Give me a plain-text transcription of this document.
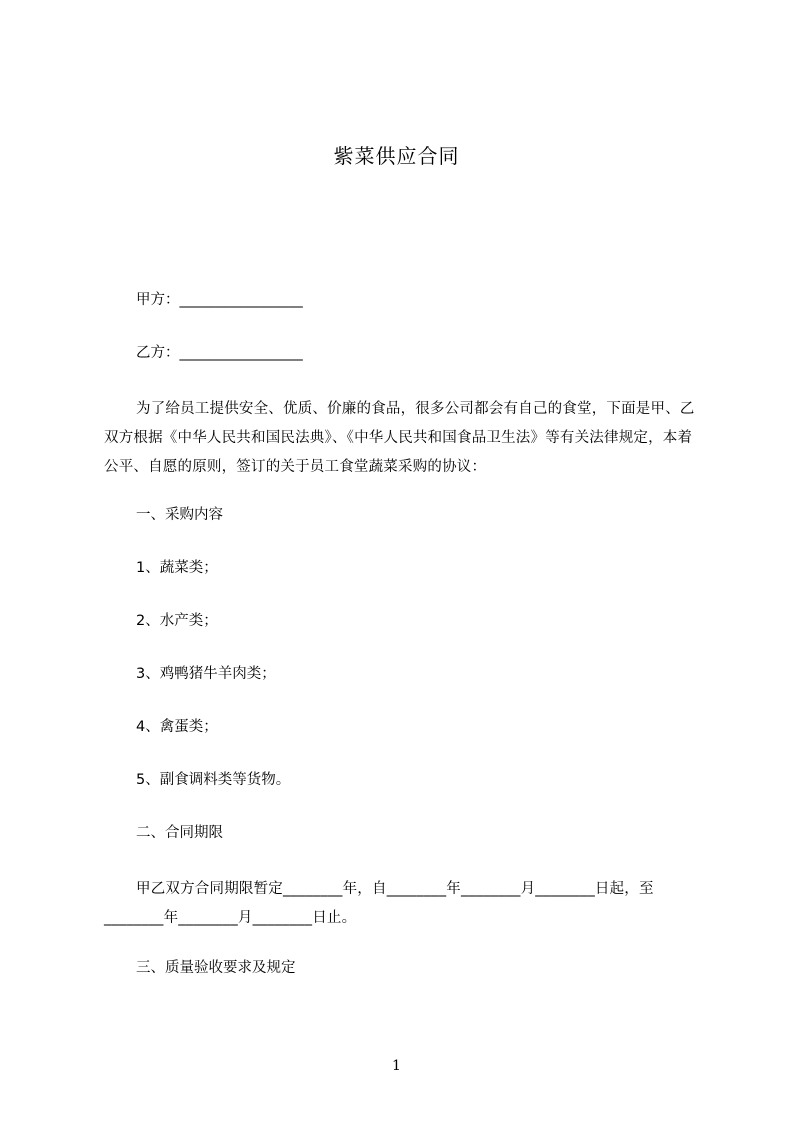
紫菜供应合同
甲方：_________________
乙方：_________________
为了给员工提供安全、优质、价廉的食品，很多公司都会有自己的食堂，下面是甲、乙双方根据《中华人民共和国民法典》、《中华人民共和国食品卫生法》等有关法律规定，本着公平、自愿的原则，签订的关于员工食堂蔬菜采购的协议：
一、采购内容
1、蔬菜类；
2、水产类；
3、鸡鸭猪牛羊肉类；
4、禽蛋类；
5、副食调料类等货物。
二、合同期限
甲乙双方合同期限暂定________年，自________年________月________日起，至________年________月________日止。
三、质量验收要求及规定
1
